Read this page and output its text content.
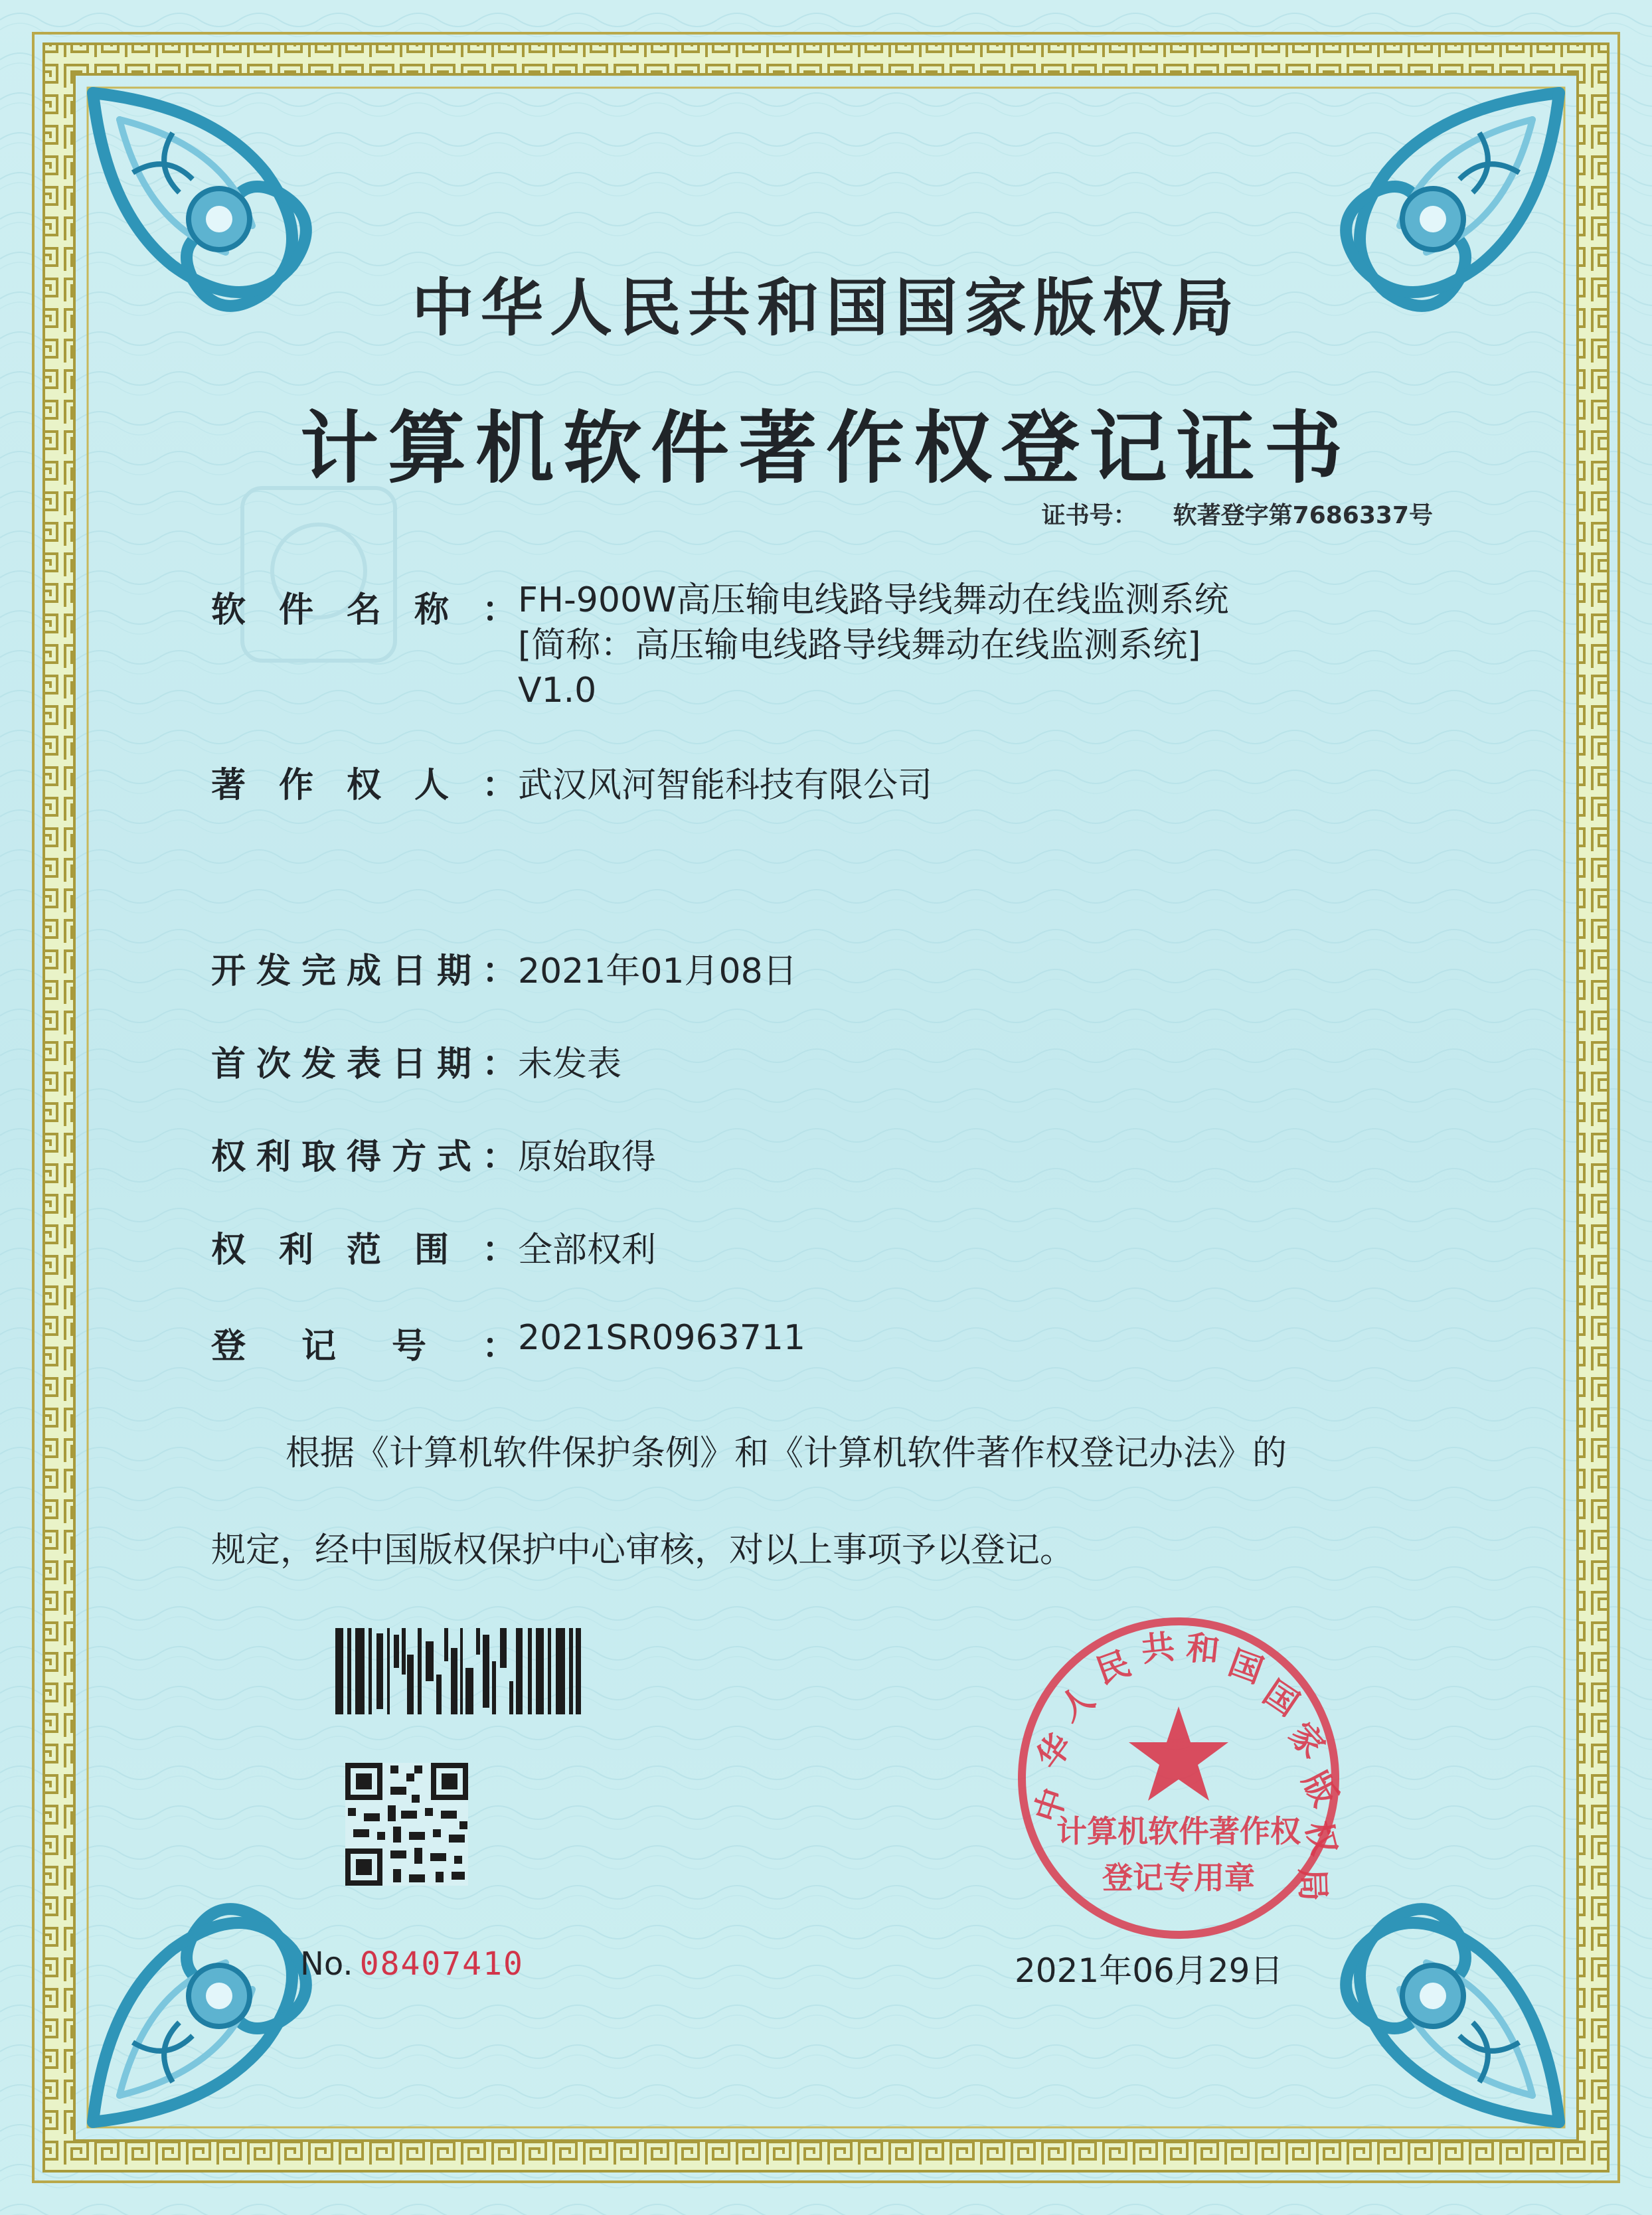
中华人民共和国国家版权局
计算机软件著作权登记证书
证书号： 软著登字第7686337号
软件名称： FH-900W高压输电线路导线舞动在线监测系统
[简称：高压输电线路导线舞动在线监测系统]
V1.0
著作权人： 武汉风河智能科技有限公司
开发完成日期： 2021年01月08日
首次发表日期： 未发表
权利取得方式： 原始取得
权利范围： 全部权利
登记号： 2021SR0963711
根据《计算机软件保护条例》和《计算机软件著作权登记办法》的
规定，经中国版权保护中心审核，对以上事项予以登记。
No. 08407410
中
华
人
民 共 和 国
国
家
版
权
局
计算机软件著作权
登记专用章
2021年06月29日
